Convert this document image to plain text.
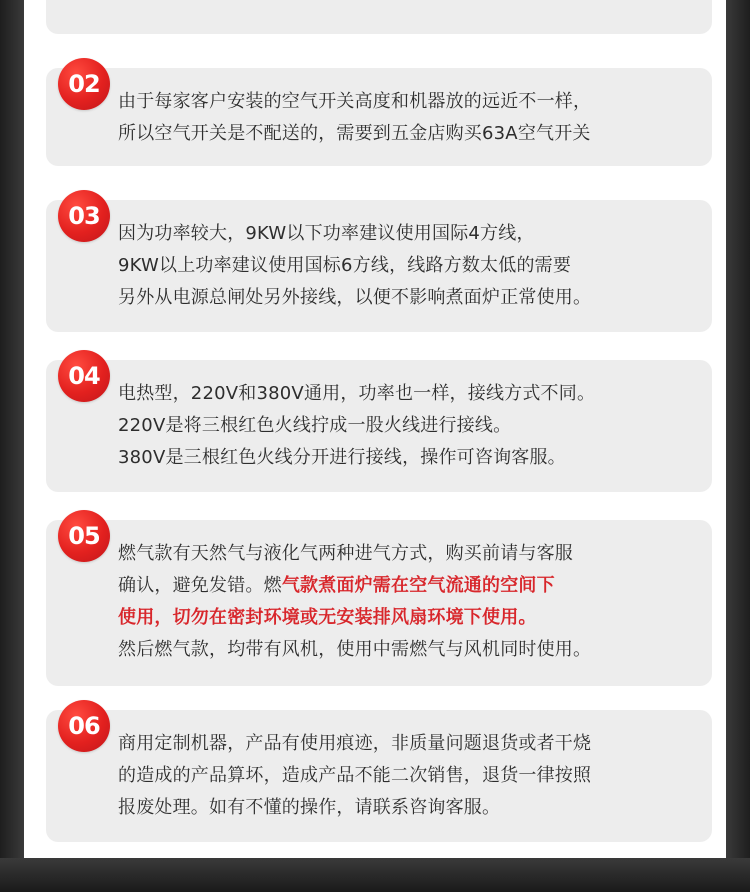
02
由于每家客户安装的空气开关高度和机器放的远近不一样，
所以空气开关是不配送的，需要到五金店购买63A空气开关
03
因为功率较大，9KW以下功率建议使用国际4方线，
9KW以上功率建议使用国标6方线，线路方数太低的需要
另外从电源总闸处另外接线，以便不影响煮面炉正常使用。
04
电热型，220V和380V通用，功率也一样，接线方式不同。
220V是将三根红色火线拧成一股火线进行接线。
380V是三根红色火线分开进行接线，操作可咨询客服。
05
燃气款有天然气与液化气两种进气方式，购买前请与客服
确认，避免发错。燃气款煮面炉需在空气流通的空间下
使用，切勿在密封环境或无安装排风扇环境下使用。
然后燃气款，均带有风机，使用中需燃气与风机同时使用。
06
商用定制机器，产品有使用痕迹，非质量问题退货或者干烧
的造成的产品算坏，造成产品不能二次销售，退货一律按照
报废处理。如有不懂的操作，请联系咨询客服。
